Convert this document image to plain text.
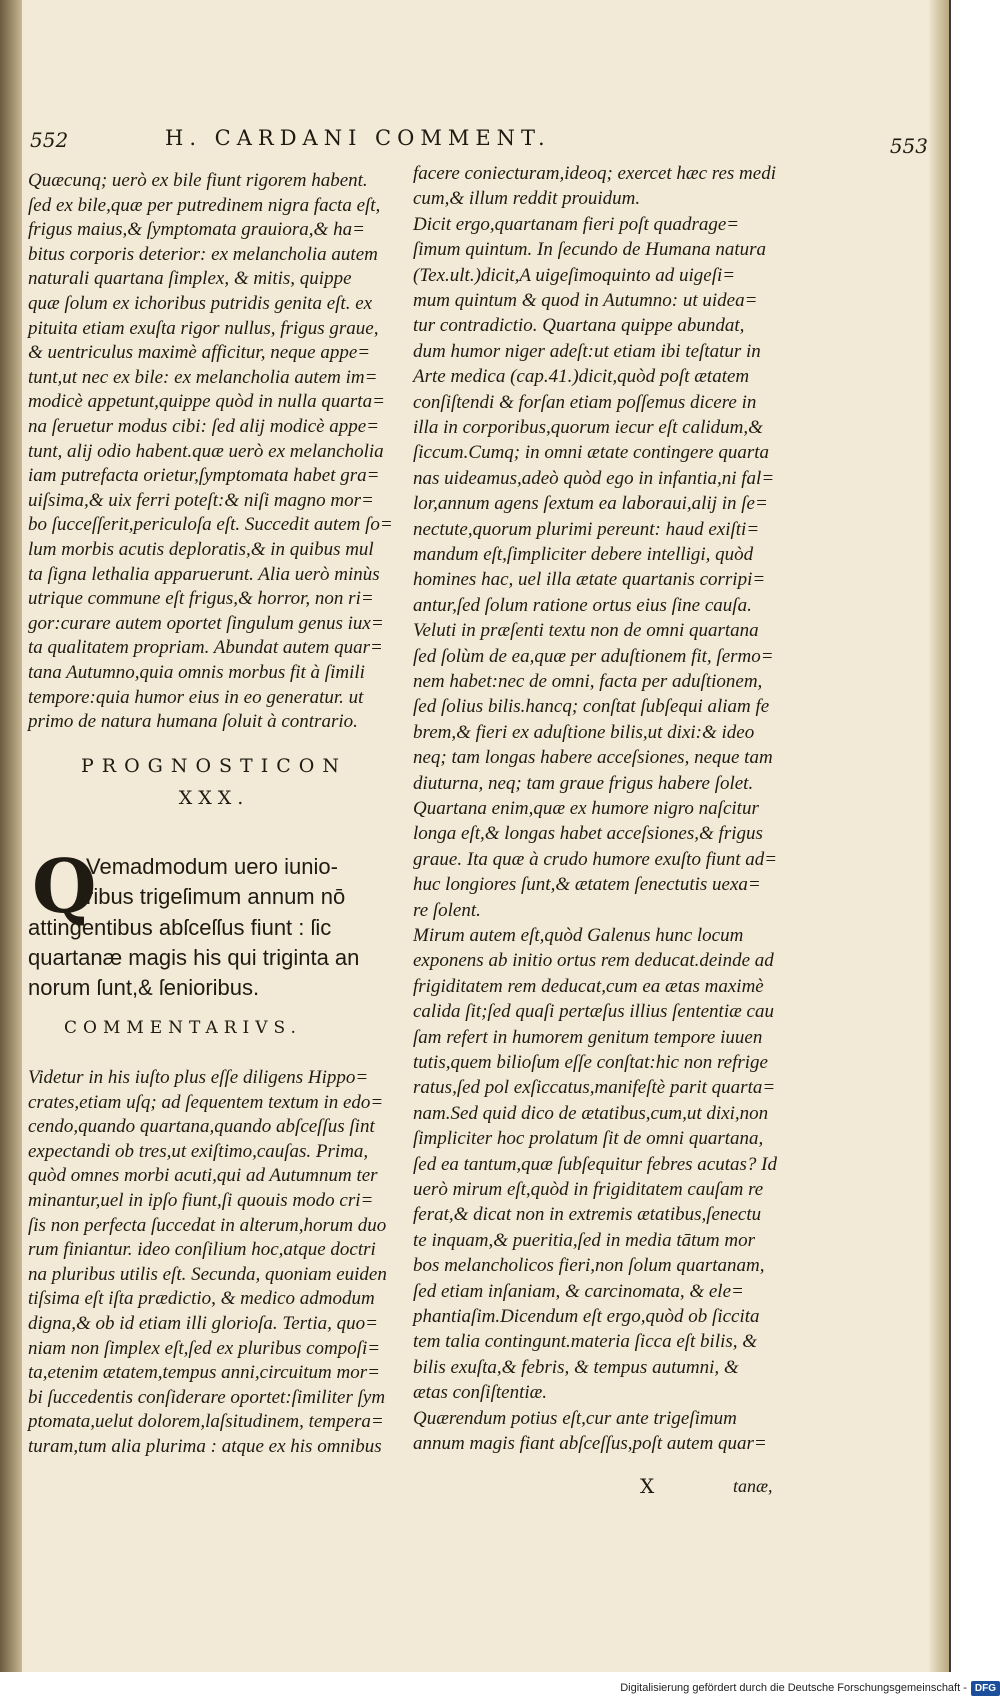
552	H. CARDANI COMMENT.	553
Quæcunq; uerò ex bile fiunt rigorem habent.
ſed ex bile,quæ per putredinem nigra facta eſt,
frigus maius,& ſymptomata grauiora,& ha=
bitus corporis deterior: ex melancholia autem
naturali quartana ſimplex, & mitis, quippe
quæ ſolum ex ichoribus putridis genita eſt. ex
pituita etiam exuſta rigor nullus, frigus graue,
& uentriculus maximè afficitur, neque appe=
tunt,ut nec ex bile: ex melancholia autem im=
modicè appetunt,quippe quòd in nulla quarta=
na ſeruetur modus cibi: ſed alij modicè appe=
tunt, alij odio habent.quæ uerò ex melancholia
iam putrefacta orietur,ſymptomata habet gra=
uiſsima,& uix ferri poteſt:& niſi magno mor=
bo ſucceſſerit,periculoſa eſt. Succedit autem ſo=
lum morbis acutis deploratis,& in quibus mul
ta ſigna lethalia apparuerunt. Alia uerò minùs
utrique commune eſt frigus,& horror, non ri=
gor:curare autem oportet ſingulum genus iux=
ta qualitatem propriam. Abundat autem quar=
tana Autumno,quia omnis morbus fit à ſimili
tempore:quia humor eius in eo generatur. ut
primo de natura humana ſoluit à contrario.
PROGNOSTICON
XXX.
Q
Vemadmodum uero iunio-
ribus trigeſimum annum nō
attingentibus abſceſſus fiunt : ſic
quartanæ magis his qui triginta an
norum ſunt,& ſenioribus.
COMMENTARIVS.
Videtur in his iuſto plus eſſe diligens Hippo=
crates,etiam uſq; ad ſequentem textum in edo=
cendo,quando quartana,quando abſceſſus ſint
expectandi ob tres,ut exiſtimo,cauſas. Prima,
quòd omnes morbi acuti,qui ad Autumnum ter
minantur,uel in ipſo fiunt,ſi quouis modo cri=
ſis non perfecta ſuccedat in alterum,horum duo
rum finiantur. ideo conſilium hoc,atque doctri
na pluribus utilis eſt. Secunda, quoniam euiden
tiſsima eſt iſta prædictio, & medico admodum
digna,& ob id etiam illi glorioſa. Tertia, quo=
niam non ſimplex eſt,ſed ex pluribus compoſi=
ta,etenim ætatem,tempus anni,circuitum mor=
bi ſuccedentis conſiderare oportet:ſimiliter ſym
ptomata,uelut dolorem,laſsitudinem, tempera=
turam,tum alia plurima : atque ex his omnibus
facere coniecturam,ideoq; exercet hæc res medi
cum,& illum reddit prouidum.
Dicit ergo,quartanam fieri poſt quadrage=
ſimum quintum. In ſecundo de Humana natura
(Tex.ult.)dicit,A uigeſimoquinto ad uigeſi=
mum quintum & quod in Autumno: ut uidea=
tur contradictio. Quartana quippe abundat,
dum humor niger adeſt:ut etiam ibi teſtatur in
Arte medica (cap.41.)dicit,quòd poſt ætatem
conſiſtendi & forſan etiam poſſemus dicere in
illa in corporibus,quorum iecur eſt calidum,&
ſiccum.Cumq; in omni ætate contingere quarta
nas uideamus,adeò quòd ego in infantia,ni fal=
lor,annum agens ſextum ea laboraui,alij in ſe=
nectute,quorum plurimi pereunt: haud exiſti=
mandum eſt,ſimpliciter debere intelligi, quòd
homines hac, uel illa ætate quartanis corripi=
antur,ſed ſolum ratione ortus eius ſine cauſa.
Veluti in præſenti textu non de omni quartana
ſed ſolùm de ea,quæ per aduſtionem fit, ſermo=
nem habet:nec de omni, facta per aduſtionem,
ſed ſolius bilis.hancq; conſtat ſubſequi aliam fe
brem,& fieri ex aduſtione bilis,ut dixi:& ideo
neq; tam longas habere acceſsiones, neque tam
diuturna, neq; tam graue frigus habere ſolet.
Quartana enim,quæ ex humore nigro naſcitur
longa eſt,& longas habet acceſsiones,& frigus
graue. Ita quæ à crudo humore exuſto fiunt ad=
huc longiores ſunt,& ætatem ſenectutis uexa=
re ſolent.
Mirum autem eſt,quòd Galenus hunc locum
exponens ab initio ortus rem deducat.deinde ad
frigiditatem rem deducat,cum ea ætas maximè
calida ſit;ſed quaſi pertæſus illius ſententiæ cau
ſam refert in humorem genitum tempore iuuen
tutis,quem bilioſum eſſe conſtat:hic non refrige
ratus,ſed pol exſiccatus,manifeſtè parit quarta=
nam.Sed quid dico de ætatibus,cum,ut dixi,non
ſimpliciter hoc prolatum ſit de omni quartana,
ſed ea tantum,quæ ſubſequitur febres acutas? Id
uerò mirum eſt,quòd in frigiditatem cauſam re
ferat,& dicat non in extremis ætatibus,ſenectu
te inquam,& pueritia,ſed in media tātum mor
bos melancholicos fieri,non ſolum quartanam,
ſed etiam inſaniam, & carcinomata, & ele=
phantiaſim.Dicendum eſt ergo,quòd ob ſiccita
tem talia contingunt.materia ſicca eſt bilis, &
bilis exuſta,& febris, & tempus autumni, &
ætas conſiſtentiæ.
Quærendum potius eſt,cur ante trigeſimum
annum magis fiant abſceſſus,poſt autem quar=
X	tanæ,
Digitalisierung gefördert durch die Deutsche Forschungsgemeinschaft - DFG
